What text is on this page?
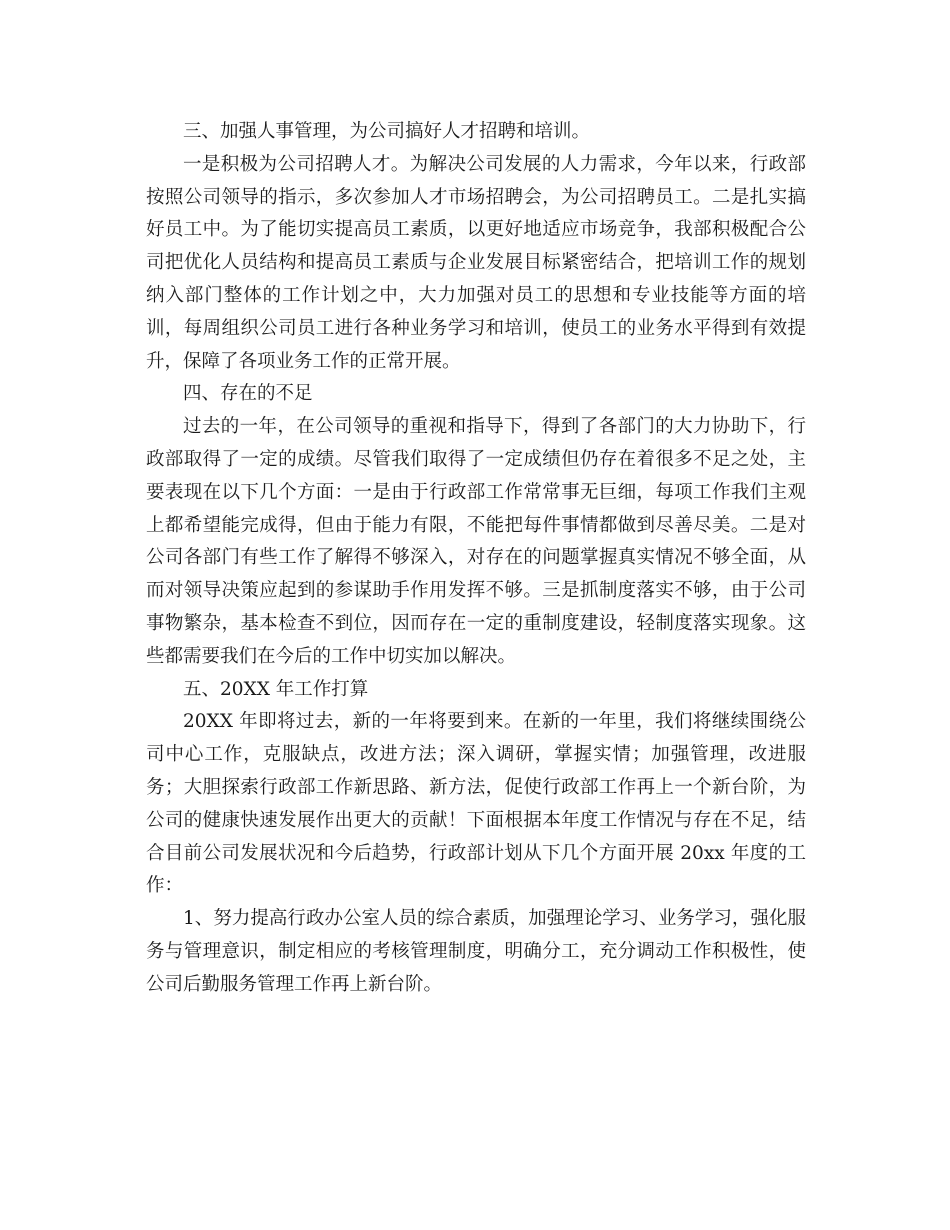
三、加强人事管理，为公司搞好人才招聘和培训。

一是积极为公司招聘人才。为解决公司发展的人力需求，今年以来，行政部按照公司领导的指示，多次参加人才市场招聘会，为公司招聘员工。二是扎实搞好员工中。为了能切实提高员工素质，以更好地适应市场竞争，我部积极配合公司把优化人员结构和提高员工素质与企业发展目标紧密结合，把培训工作的规划纳入部门整体的工作计划之中，大力加强对员工的思想和专业技能等方面的培训，每周组织公司员工进行各种业务学习和培训，使员工的业务水平得到有效提升，保障了各项业务工作的正常开展。

四、存在的不足

过去的一年，在公司领导的重视和指导下，得到了各部门的大力协助下，行政部取得了一定的成绩。尽管我们取得了一定成绩但仍存在着很多不足之处，主要表现在以下几个方面：一是由于行政部工作常常事无巨细，每项工作我们主观上都希望能完成得，但由于能力有限，不能把每件事情都做到尽善尽美。二是对公司各部门有些工作了解得不够深入，对存在的问题掌握真实情况不够全面，从而对领导决策应起到的参谋助手作用发挥不够。三是抓制度落实不够，由于公司事物繁杂，基本检查不到位，因而存在一定的重制度建设，轻制度落实现象。这些都需要我们在今后的工作中切实加以解决。

五、20XX 年工作打算

20XX 年即将过去，新的一年将要到来。在新的一年里，我们将继续围绕公司中心工作，克服缺点，改进方法；深入调研，掌握实情；加强管理，改进服务；大胆探索行政部工作新思路、新方法，促使行政部工作再上一个新台阶，为公司的健康快速发展作出更大的贡献！下面根据本年度工作情况与存在不足，结合目前公司发展状况和今后趋势，行政部计划从下几个方面开展 20xx 年度的工作：

1、努力提高行政办公室人员的综合素质，加强理论学习、业务学习，强化服务与管理意识，制定相应的考核管理制度，明确分工，充分调动工作积极性，使公司后勤服务管理工作再上新台阶。
